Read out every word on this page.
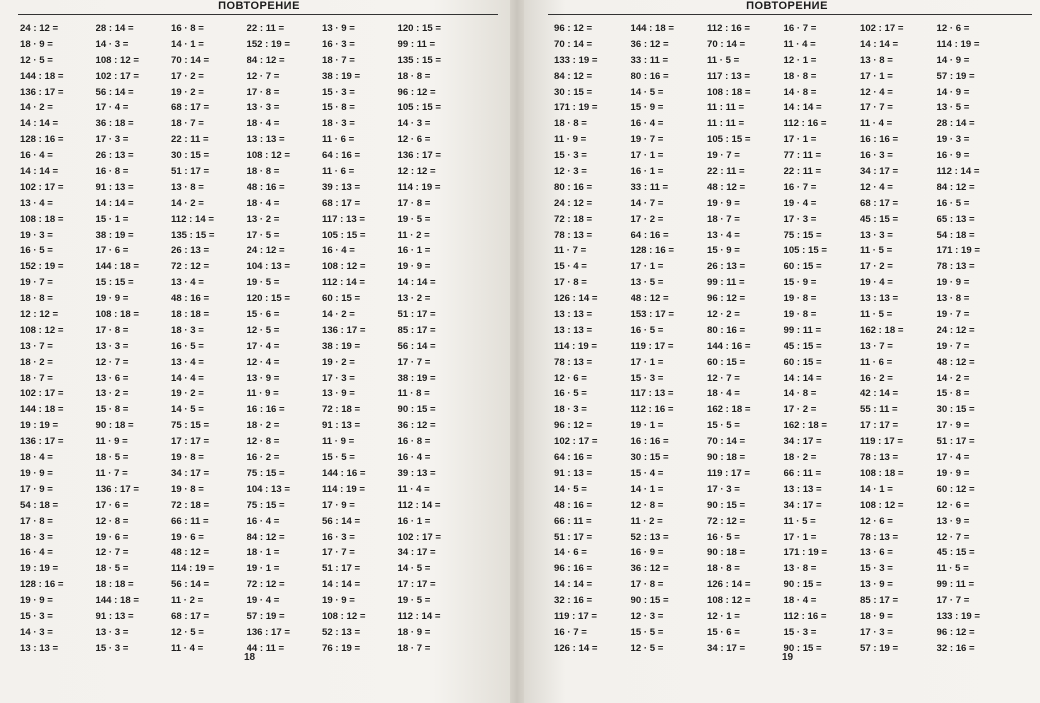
ПОВТОРЕНИЕ
24 : 12 =
18 · 9 =
12 · 5 =
144 : 18 =
136 : 17 =
14 · 2 =
14 : 14 =
128 : 16 =
16 · 4 =
14 : 14 =
102 : 17 =
13 · 4 =
108 : 18 =
19 · 3 =
16 · 5 =
152 : 19 =
19 · 7 =
18 · 8 =
12 : 12 =
108 : 12 =
13 · 7 =
18 · 2 =
18 · 7 =
102 : 17 =
144 : 18 =
19 : 19 =
136 : 17 =
18 · 4 =
19 · 9 =
17 · 9 =
54 : 18 =
17 · 8 =
18 · 3 =
16 · 4 =
19 : 19 =
128 : 16 =
19 · 9 =
15 · 3 =
14 · 3 =
13 : 13 =
28 : 14 =
14 · 3 =
108 : 12 =
102 : 17 =
56 : 14 =
17 · 4 =
36 : 18 =
17 · 3 =
26 : 13 =
16 · 8 =
91 : 13 =
14 : 14 =
15 · 1 =
38 : 19 =
17 · 6 =
144 : 18 =
15 : 15 =
19 · 9 =
108 : 18 =
17 · 8 =
13 · 3 =
12 · 7 =
13 · 6 =
13 · 2 =
15 · 8 =
90 : 18 =
11 · 9 =
18 · 5 =
11 · 7 =
136 : 17 =
17 · 6 =
12 · 8 =
19 · 6 =
12 · 7 =
18 · 5 =
18 : 18 =
144 : 18 =
91 : 13 =
13 · 3 =
15 · 3 =
16 · 8 =
14 · 1 =
70 : 14 =
17 · 2 =
19 · 2 =
68 : 17 =
18 · 7 =
22 : 11 =
30 : 15 =
51 : 17 =
13 · 8 =
14 · 2 =
112 : 14 =
135 : 15 =
26 : 13 =
72 : 12 =
13 · 4 =
48 : 16 =
18 : 18 =
18 · 3 =
16 · 5 =
13 · 4 =
14 · 4 =
19 · 2 =
14 · 5 =
75 : 15 =
17 : 17 =
19 · 8 =
34 : 17 =
19 · 8 =
72 : 18 =
66 : 11 =
19 · 6 =
48 : 12 =
114 : 19 =
56 : 14 =
11 · 2 =
68 : 17 =
12 · 5 =
11 · 4 =
22 : 11 =
152 : 19 =
84 : 12 =
12 · 7 =
17 · 8 =
13 · 3 =
18 · 4 =
13 : 13 =
108 : 12 =
18 · 8 =
48 : 16 =
18 · 4 =
13 · 2 =
17 · 5 =
24 : 12 =
104 : 13 =
19 · 5 =
120 : 15 =
15 · 6 =
12 · 5 =
17 · 4 =
12 · 4 =
13 · 9 =
11 · 9 =
16 : 16 =
18 · 2 =
12 · 8 =
16 · 2 =
75 : 15 =
104 : 13 =
75 : 15 =
16 · 4 =
84 : 12 =
18 · 1 =
19 · 1 =
72 : 12 =
19 · 4 =
57 : 19 =
136 : 17 =
44 : 11 =
13 · 9 =
16 · 3 =
18 · 7 =
38 : 19 =
15 · 3 =
15 · 8 =
18 · 3 =
11 · 6 =
64 : 16 =
11 · 6 =
39 : 13 =
68 : 17 =
117 : 13 =
105 : 15 =
16 · 4 =
108 : 12 =
112 : 14 =
60 : 15 =
14 · 2 =
136 : 17 =
38 : 19 =
19 · 2 =
17 · 3 =
13 · 9 =
72 : 18 =
91 : 13 =
11 · 9 =
15 · 5 =
144 : 16 =
114 : 19 =
17 · 9 =
56 : 14 =
16 · 3 =
17 · 7 =
51 : 17 =
14 : 14 =
19 · 9 =
108 : 12 =
52 : 13 =
76 : 19 =
120 : 15 =
99 : 11 =
135 : 15 =
18 · 8 =
96 : 12 =
105 : 15 =
14 · 3 =
12 · 6 =
136 : 17 =
12 : 12 =
114 : 19 =
17 · 8 =
19 · 5 =
11 · 2 =
16 · 1 =
19 · 9 =
14 : 14 =
13 · 2 =
51 : 17 =
85 : 17 =
56 : 14 =
17 · 7 =
38 : 19 =
11 · 8 =
90 : 15 =
36 : 12 =
16 · 8 =
16 · 4 =
39 : 13 =
11 · 4 =
112 : 14 =
16 · 1 =
102 : 17 =
34 : 17 =
14 · 5 =
17 : 17 =
19 · 5 =
112 : 14 =
18 · 9 =
18 · 7 =
18
ПОВТОРЕНИЕ
96 : 12 =
70 : 14 =
133 : 19 =
84 : 12 =
30 : 15 =
171 : 19 =
18 · 8 =
11 · 9 =
15 · 3 =
12 · 3 =
80 : 16 =
24 : 12 =
72 : 18 =
78 : 13 =
11 · 7 =
15 · 4 =
17 · 8 =
126 : 14 =
13 : 13 =
13 : 13 =
114 : 19 =
78 : 13 =
12 · 6 =
16 · 5 =
18 · 3 =
96 : 12 =
102 : 17 =
64 : 16 =
91 : 13 =
14 · 5 =
48 : 16 =
66 : 11 =
51 : 17 =
14 · 6 =
96 : 16 =
14 : 14 =
32 : 16 =
119 : 17 =
16 · 7 =
126 : 14 =
144 : 18 =
36 : 12 =
33 : 11 =
80 : 16 =
14 · 5 =
15 · 9 =
16 · 4 =
19 · 7 =
17 · 1 =
16 · 1 =
33 : 11 =
14 · 7 =
17 · 2 =
64 : 16 =
128 : 16 =
17 · 1 =
13 · 5 =
48 : 12 =
153 : 17 =
16 · 5 =
119 : 17 =
17 · 1 =
15 · 3 =
117 : 13 =
112 : 16 =
19 · 1 =
16 : 16 =
30 : 15 =
15 · 4 =
14 · 1 =
12 · 8 =
11 · 2 =
52 : 13 =
16 · 9 =
36 : 12 =
17 · 8 =
90 : 15 =
12 · 3 =
15 · 5 =
12 · 5 =
112 : 16 =
70 : 14 =
11 · 5 =
117 : 13 =
108 : 18 =
11 : 11 =
11 : 11 =
105 : 15 =
19 · 7 =
22 : 11 =
48 : 12 =
19 · 9 =
18 · 7 =
13 · 4 =
15 · 9 =
26 : 13 =
99 : 11 =
96 : 12 =
12 · 2 =
80 : 16 =
144 : 16 =
60 : 15 =
12 · 7 =
18 · 4 =
162 : 18 =
15 · 5 =
70 : 14 =
90 : 18 =
119 : 17 =
17 · 3 =
90 : 15 =
72 : 12 =
16 · 5 =
90 : 18 =
18 · 8 =
126 : 14 =
108 : 12 =
12 · 1 =
15 · 6 =
34 : 17 =
16 · 7 =
11 · 4 =
12 · 1 =
18 · 8 =
14 · 8 =
14 : 14 =
112 : 16 =
17 · 1 =
77 : 11 =
22 : 11 =
16 · 7 =
19 · 4 =
17 · 3 =
75 : 15 =
105 : 15 =
60 : 15 =
15 · 9 =
19 · 8 =
19 · 8 =
99 : 11 =
45 : 15 =
60 : 15 =
14 : 14 =
14 · 8 =
17 · 2 =
162 : 18 =
34 : 17 =
18 · 2 =
66 : 11 =
13 : 13 =
34 : 17 =
11 · 5 =
17 · 1 =
171 : 19 =
13 · 8 =
90 : 15 =
18 · 4 =
112 : 16 =
15 · 3 =
90 : 15 =
102 : 17 =
14 : 14 =
13 · 8 =
17 · 1 =
12 · 4 =
17 · 7 =
11 · 4 =
16 : 16 =
16 · 3 =
34 : 17 =
12 · 4 =
68 : 17 =
45 : 15 =
13 · 3 =
11 · 5 =
17 · 2 =
19 · 4 =
13 : 13 =
11 · 5 =
162 : 18 =
13 · 7 =
11 · 6 =
16 · 2 =
42 : 14 =
55 : 11 =
17 : 17 =
119 : 17 =
78 : 13 =
108 : 18 =
14 · 1 =
108 : 12 =
12 · 6 =
78 : 13 =
13 · 6 =
15 · 3 =
13 · 9 =
85 : 17 =
18 · 9 =
17 · 3 =
57 : 19 =
12 · 6 =
114 : 19 =
14 · 9 =
57 : 19 =
14 · 9 =
13 · 5 =
28 : 14 =
19 · 3 =
16 · 9 =
112 : 14 =
84 : 12 =
16 · 5 =
65 : 13 =
54 : 18 =
171 : 19 =
78 : 13 =
19 · 9 =
13 · 8 =
19 · 7 =
24 : 12 =
19 · 7 =
48 : 12 =
14 · 2 =
15 · 8 =
30 : 15 =
17 · 9 =
51 : 17 =
17 · 4 =
19 · 9 =
60 : 12 =
12 · 6 =
13 · 9 =
12 · 7 =
45 : 15 =
11 · 5 =
99 : 11 =
17 · 7 =
133 : 19 =
96 : 12 =
32 : 16 =
19
